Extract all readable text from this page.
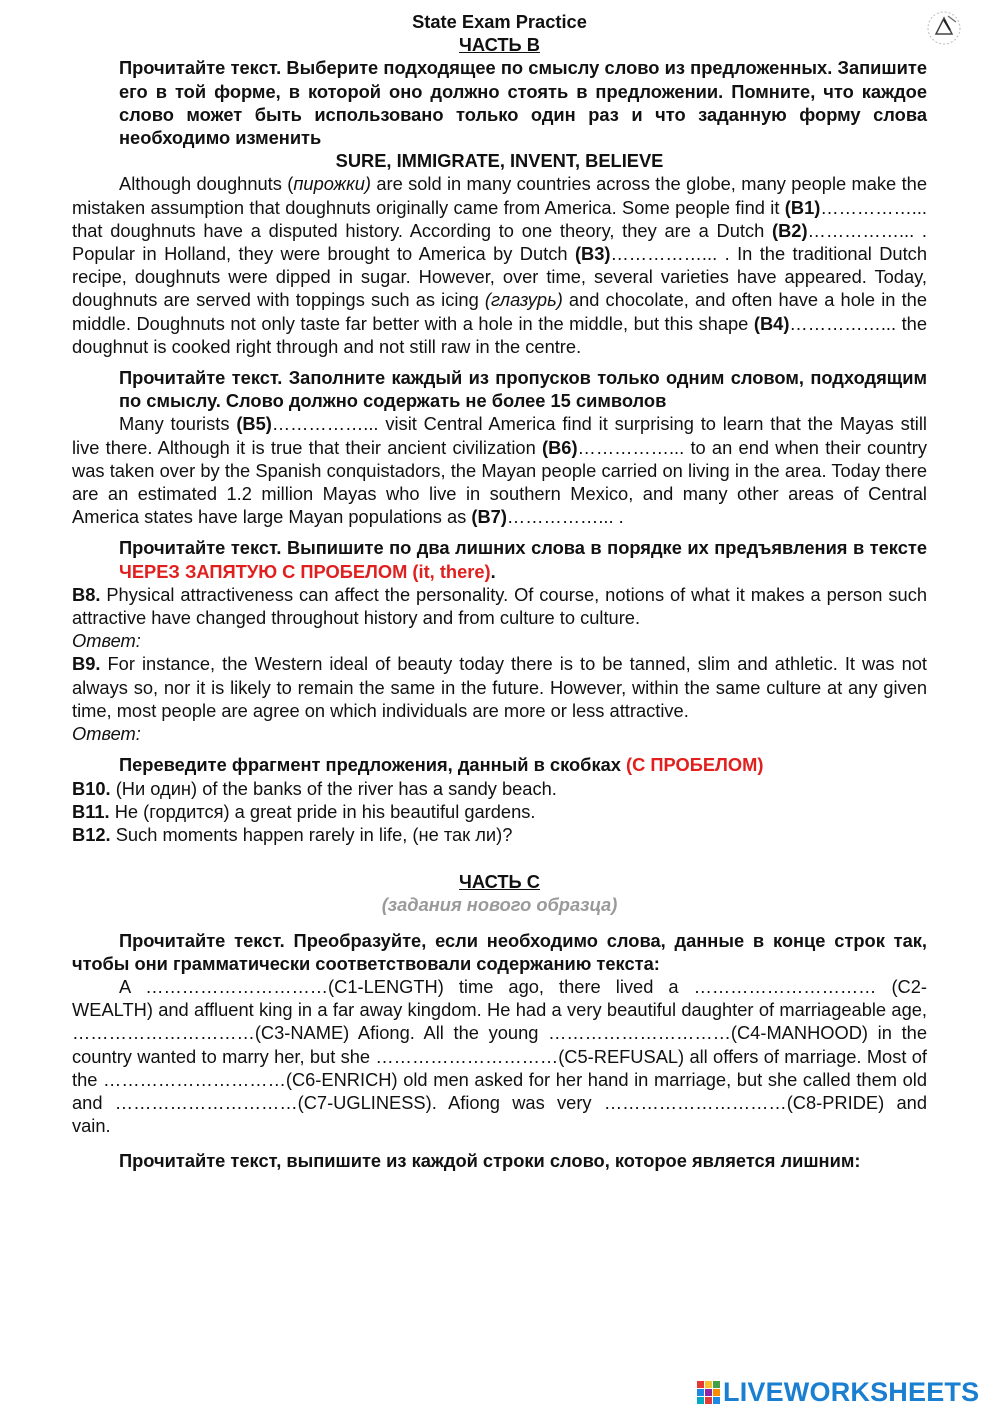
State Exam Practice
ЧАСТЬ В
Прочитайте текст. Выберите подходящее по смыслу слово из предложенных. Запишите его в той форме, в которой оно должно стоять в предложении. Помните, что каждое слово может быть использовано только один раз и что заданную форму слова необходимо изменить
SURE, IMMIGRATE, INVENT, BELIEVE
Although doughnuts (пирожки) are sold in many countries across the globe, many people make the mistaken assumption that doughnuts originally came from America. Some people find it (B1)……………... that doughnuts have a disputed history. According to one theory, they are a Dutch (B2)……………... . Popular in Holland, they were brought to America by Dutch (B3)……………... . In the traditional Dutch recipe, doughnuts were dipped in sugar. However, over time, several varieties have appeared. Today, doughnuts are served with toppings such as icing (глазурь) and chocolate, and often have a hole in the middle. Doughnuts not only taste far better with a hole in the middle, but this shape (B4)……………... the doughnut is cooked right through and not still raw in the centre.
Прочитайте текст. Заполните каждый из пропусков только одним словом, подходящим по смыслу. Слово должно содержать не более 15 символов
Many tourists (B5)……………... visit Central America find it surprising to learn that the Mayas still live there. Although it is true that their ancient civilization (B6)……………... to an end when their country was taken over by the Spanish conquistadors, the Mayan people carried on living in the area. Today there are an estimated 1.2 million Mayas who live in southern Mexico, and many other areas of Central America states have large Mayan populations as (B7)……………... .
Прочитайте текст. Выпишите по два лишних слова в порядке их предъявления в тексте ЧЕРЕЗ ЗАПЯТУЮ С ПРОБЕЛОМ (it, there).
B8. Physical attractiveness can affect the personality. Of course, notions of what it makes a person such attractive have changed throughout history and from culture to culture.
Ответ:
B9. For instance, the Western ideal of beauty today there is to be tanned, slim and athletic. It was not always so, nor it is likely to remain the same in the future. However, within the same culture at any given time, most people are agree on which individuals are more or less attractive.
Ответ:
Переведите фрагмент предложения, данный в скобках (С ПРОБЕЛОМ)
B10. (Ни один) of the banks of the river has a sandy beach.
B11. He (гордится) a great pride in his beautiful gardens.
B12. Such moments happen rarely in life, (не так ли)?
ЧАСТЬ С
(задания нового образца)
Прочитайте текст. Преобразуйте, если необходимо слова, данные в конце строк так, чтобы они грамматически соответствовали содержанию текста:
A …………………………(C1-LENGTH) time ago, there lived a ………………………… (C2-WEALTH) and affluent king in a far away kingdom. He had a very beautiful daughter of marriageable age, …………………………(C3-NAME) Afiong. All the young …………………………(C4-MANHOOD) in the country wanted to marry her, but she …………………………(C5-REFUSAL) all offers of marriage. Most of the …………………………(C6-ENRICH) old men asked for her hand in marriage, but she called them old and …………………………(C7-UGLINESS). Afiong was very …………………………(C8-PRIDE) and vain.
Прочитайте текст, выпишите из каждой строки слово, которое является лишним:
LIVEWORKSHEETS
